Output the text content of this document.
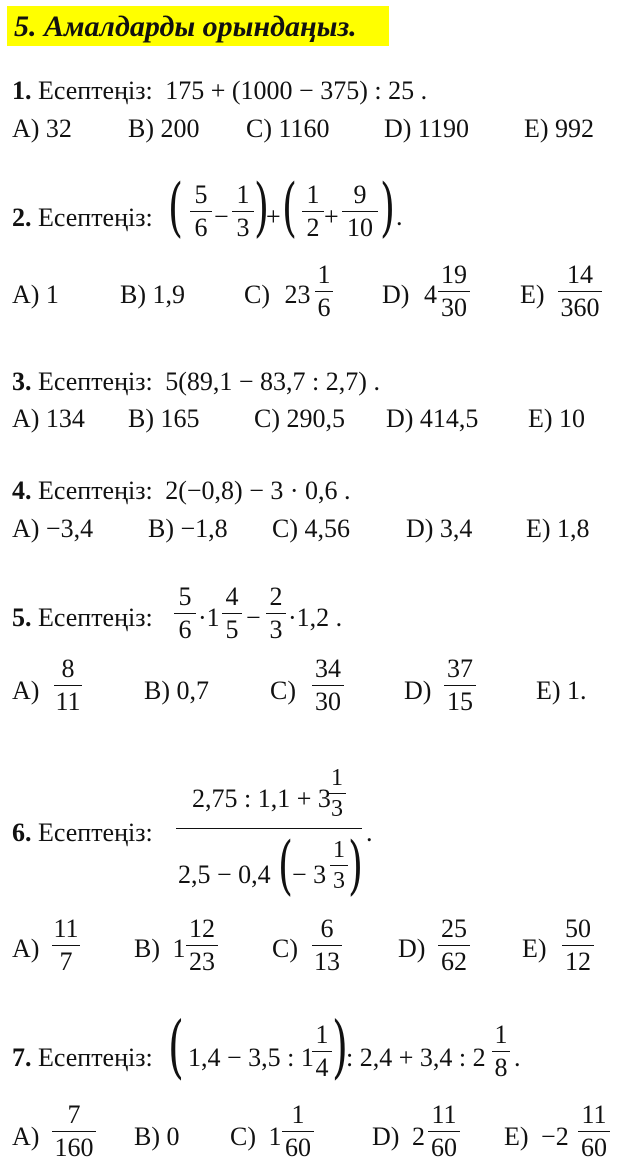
5. Амалдарды орындаңыз.
1. Есептеңіз: 175 + (1000 − 375) : 25 .
A) 32 B) 200 C) 1160 D) 1190 E) 992
2. Есептеңіз: ( 5
6 −
1
3 )
+ ( 1
2 +
9
10 ) .
A) 1 B) 1,9 C) 23
1
6 D) 4
19
30 E)
14
360
3. Есептеңіз: 5(89,1 − 83,7 : 2,7) .
A) 134 B) 165 C) 290,5 D) 414,5 E) 10
4. Есептеңіз: 2(−0,8) − 3 · 0,6 .
A) −3,4 B) −1,8 C) 4,56 D) 3,4 E) 1,8
5. Есептеңіз:
5
6 ·1
4
5 −
2
3 ·1,2 .
A)
8
11 B) 0,7 C)
34
30 D)
37
15 E) 1.
6. Есептеңіз:
2,75 : 1,1 + 3
1
3
2,5 − 0,4 ( − 3
1
3 ) .
A)
11
7 B) 1
12
23 C)
6
13 D)
25
62 E)
50
12
7. Есептеңіз: ( 1,4 − 3,5 : 1
1
4 )
: 2,4 + 3,4 : 2
1
8 .
A)
7
160 B) 0 C) 1
1
60 D) 2
11
60 E) −2
11
60
